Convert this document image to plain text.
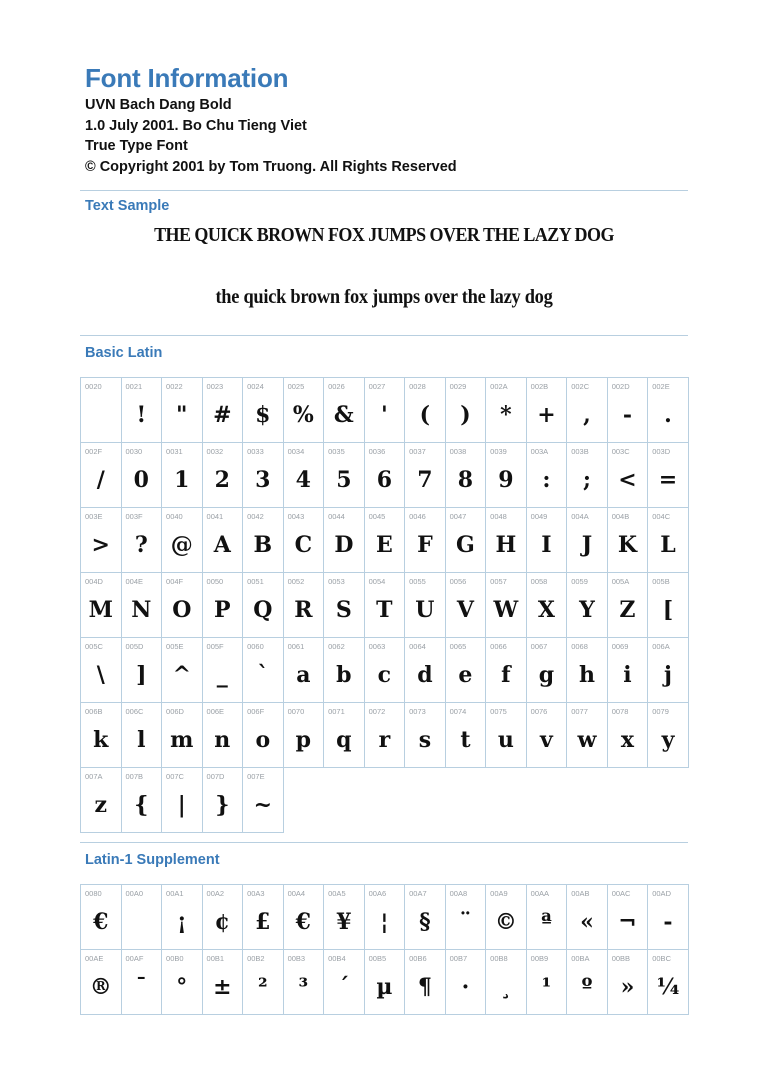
Font Information
UVN Bach Dang Bold
1.0 July 2001. Bo Chu Tieng Viet
True Type Font
© Copyright 2001 by Tom Truong. All Rights Reserved
Text Sample
THE QUICK BROWN FOX JUMPS OVER THE LAZY DOG
the quick brown fox jumps over the lazy dog
Basic Latin
0020	0021
!
0022
"
0023
#
0024
$
0025
%
0026
&
0027
'
0028
(
0029
)
002A
*
002B
+
002C
,
002D
-
002E
.
002F
/
0030
0
0031
1
0032
2
0033
3
0034
4
0035
5
0036
6
0037
7
0038
8
0039
9
003A
:
003B
;
003C
<
003D
=
003E
>
003F
?
0040
@
0041
A
0042
B
0043
C
0044
D
0045
E
0046
F
0047
G
0048
H
0049
I
004A
J
004B
K
004C
L
004D
M
004E
N
004F
O
0050
P
0051
Q
0052
R
0053
S
0054
T
0055
U
0056
V
0057
W
0058
X
0059
Y
005A
Z
005B
[
005C
\
005D
]
005E
^
005F
_
0060
`
0061
a
0062
b
0063
c
0064
d
0065
e
0066
f
0067
g
0068
h
0069
i
006A
j
006B
k
006C
l
006D
m
006E
n
006F
o
0070
p
0071
q
0072
r
0073
s
0074
t
0075
u
0076
v
0077
w
0078
x
0079
y
007A
z
007B
{
007C
|
007D
}
007E
~
Latin-1 Supplement
0080
€
00A0	00A1
¡
00A2
¢
00A3
£
00A4
€
00A5
¥
00A6
¦
00A7
§
00A8
¨
00A9
©
00AA
ª
00AB
«
00AC
¬
00AD
-
00AE
®
00AF
¯
00B0
°
00B1
±
00B2
²
00B3
³
00B4
´
00B5
µ
00B6
¶
00B7
·
00B8
¸
00B9
¹
00BA
º
00BB
»
00BC
¼
